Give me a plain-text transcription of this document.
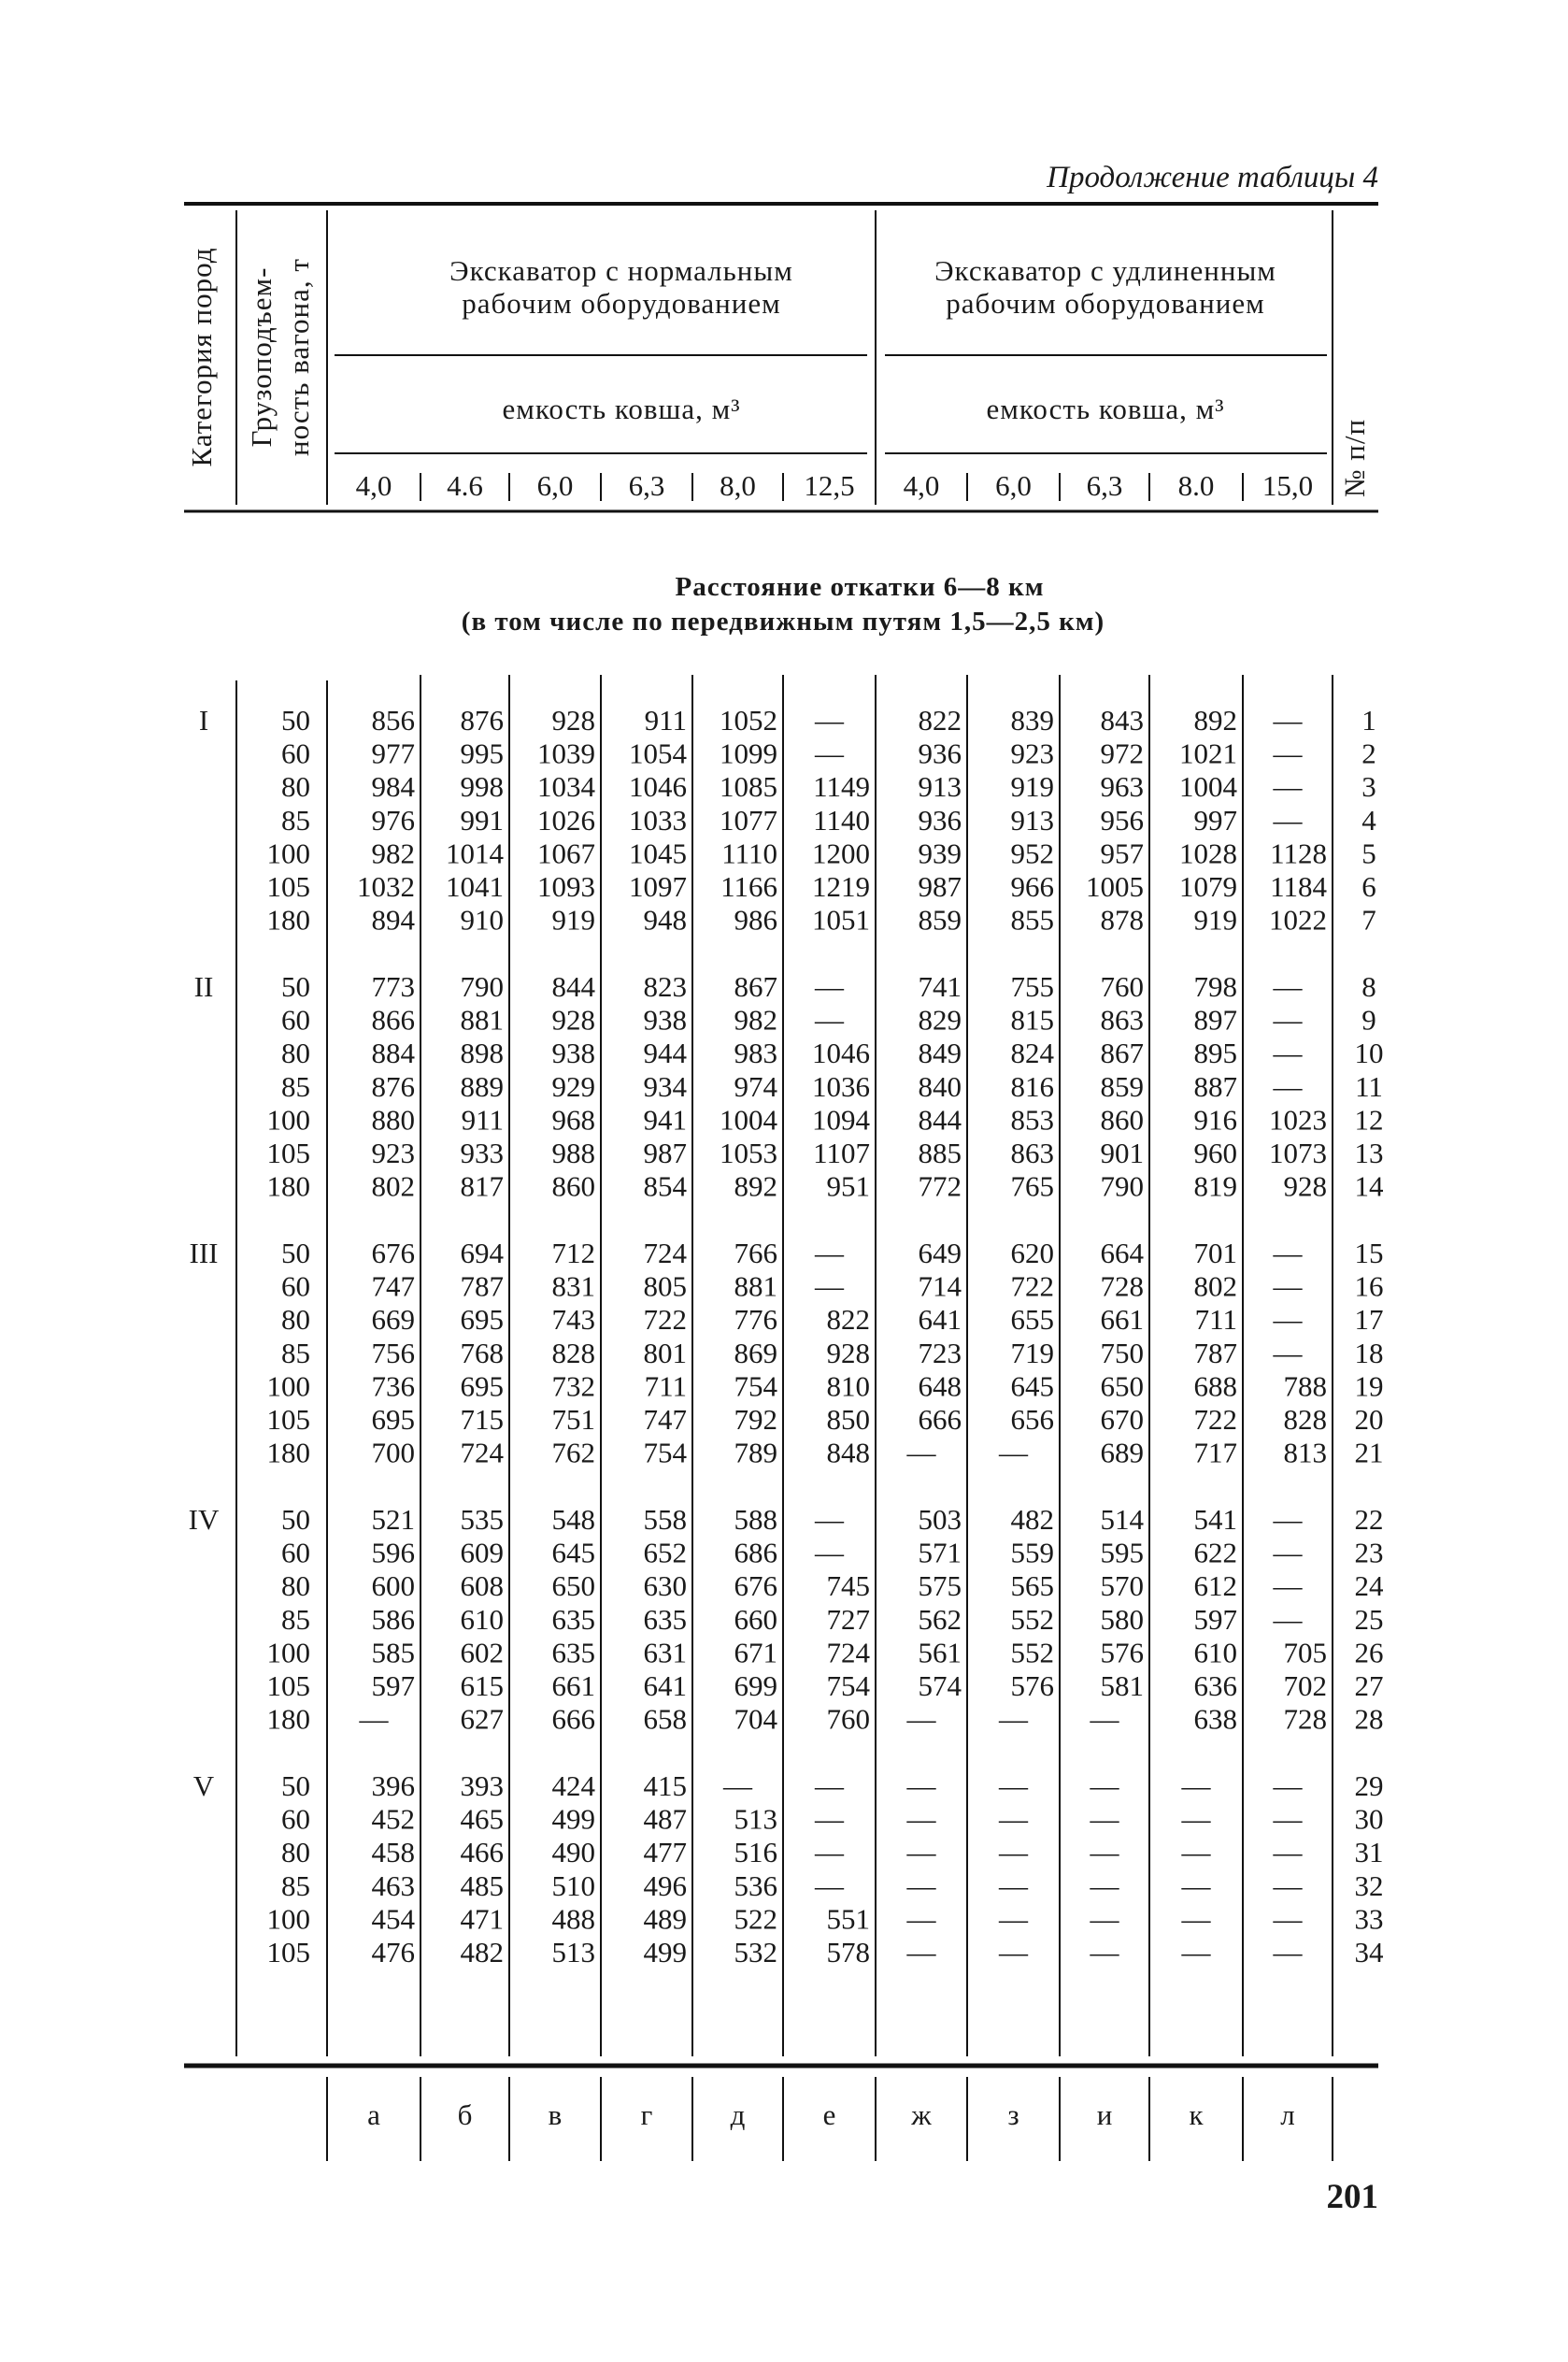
Продолжение таблицы 4
Категория пород Грузоподъем- ность вагона, т
№ п/п
Экскаватор с нормальным
рабочим оборудованием
Экскаватор с удлиненным
рабочим оборудованием
емкость ковша, м³	емкость ковша, м³
4,0 4.6 6,0 6,3 8,0 12,5 4,0 6,0 6,3 8.0 15,0
Расстояние откатки 6—8 км
(в том числе по передвижным путям 1,5—2,5 км)
I	50 856 876 928 911 1052 —	822 839 843 892 — 1
60 977 995 1039 1054 1099 —	936 923 972 1021 — 2
80 984 998 1034 1046 1085 1149 913 919 963 1004 — 3
85 976 991 1026 1033 1077 1140 936 913 956 997 — 4
100 982 1014 1067 1045 1110 1200 939 952 957 1028 1128 5
105 1032 1041 1093 1097 1166 1219 987 966 1005 1079 1184 6
180 894 910 919 948 986 1051 859 855 878 919 1022 7
II 50 773 790 844 823 867 —	741 755 760 798 — 8
60 866 881 928 938 982 —	829 815 863 897 — 9
80 884 898 938 944 983 1046 849 824 867 895 — 10
85 876 889 929 934 974 1036 840 816 859 887 — 11
100 880 911 968 941 1004 1094 844 853 860 916 1023 12
105 923 933 988 987 1053 1107 885 863 901 960 1073 13
180 802 817 860 854 892 951 772 765 790 819 928 14
III 50 676 694 712 724 766 —	649 620 664 701 — 15
60 747 787 831 805 881 —	714 722 728 802 — 16
80 669 695 743 722 776 822 641 655 661 711 — 17
85 756 768 828 801 869 928 723 719 750 787 — 18
100 736 695 732 711 754 810 648 645 650 688 788 19
105 695 715 751 747 792 850 666 656 670 722 828 20
180 700 724 762 754 789 848 — —	689 717 813 21
IV 50 521 535 548 558 588 —	503 482 514 541 — 22
60 596 609 645 652 686 —	571 559 595 622 — 23
80 600 608 650 630 676 745 575 565 570 612 — 24
85 586 610 635 635 660 727 562 552 580 597 — 25
100 585 602 635 631 671 724 561 552 576 610 705 26
105 597 615 661 641 699 754 574 576 581 636 702 27
180 — 627 666 658 704 760 — — —	638 728 28
V 50 396 393 424 415 — — — — — — — 29
60 452 465 499 487 513 — — — — — — 30
80 458 466 490 477 516 — — — — — — 31
85 463 485 510 496 536 — — — — — — 32
100 454 471 488 489 522 551 — — — — — 33
105 476 482 513 499 532 578 — — — — — 34
а	б	в	г	д	е	ж	з	и	к	л
201
